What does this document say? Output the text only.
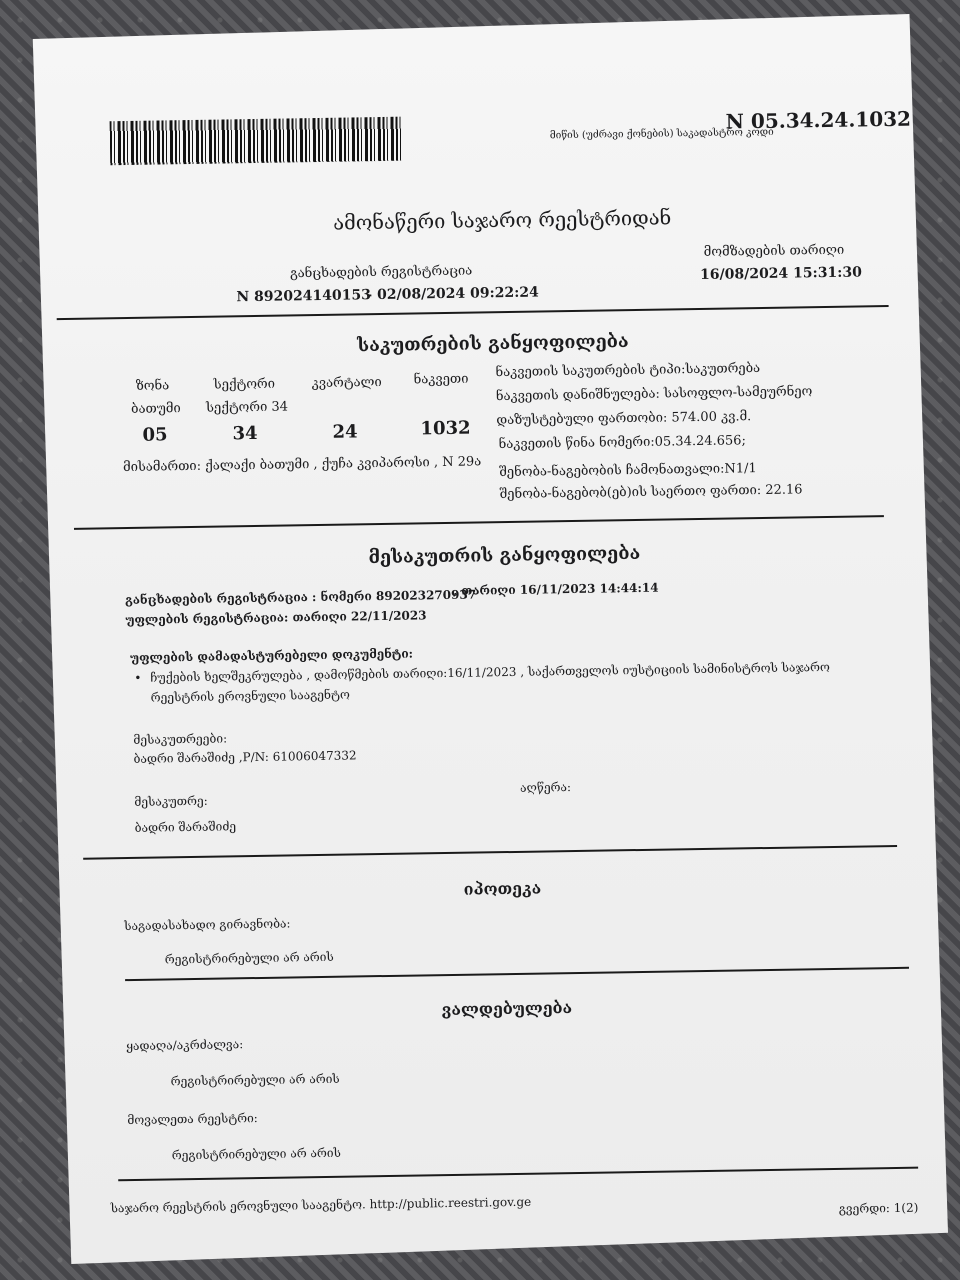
მიწის (უძრავი ქონების) საკადასტრო კოდი
N 05.34.24.1032
ამონაწერი საჯარო რეესტრიდან
განცხადების რეგისტრაცია
N 892024140153
- 02/08/2024 09:22:24
მომზადების თარიღი
16/08/2024 15:31:30
საკუთრების განყოფილება
ზონა
ბათუმი
05
სექტორი
სექტორი 34
34
კვარტალი
24
ნაკვეთი
1032
მისამართი: ქალაქი ბათუმი , ქუჩა კვიპაროსი , N 29ა
ნაკვეთის საკუთრების ტიპი:საკუთრება
ნაკვეთის დანიშნულება: სასოფლო-სამეურნეო
დაზუსტებული ფართობი: 574.00 კვ.მ.
ნაკვეთის წინა ნომერი:05.34.24.656;
შენობა-ნაგებობის ჩამონათვალი:N1/1
შენობა-ნაგებობ(ებ)ის საერთო ფართი: 22.16
მესაკუთრის განყოფილება
განცხადების რეგისტრაცია : ნომერი 892023270937
, თარიღი 16/11/2023 14:44:14
უფლების რეგისტრაცია: თარიღი 22/11/2023
უფლების დამადასტურებელი დოკუმენტი:
• ჩუქების ხელშეკრულება , დამოწმების თარიღი:16/11/2023 , საქართველოს იუსტიციის სამინისტროს საჯარო
რეესტრის ეროვნული სააგენტო
მესაკუთრეები:
ბადრი შარაშიძე ,P/N: 61006047332
მესაკუთრე:
ბადრი შარაშიძე
აღწერა:
იპოთეკა
საგადასახადო გირავნობა:
რეგისტრირებული არ არის
ვალდებულება
ყადაღა/აკრძალვა:
რეგისტრირებული არ არის
მოვალეთა რეესტრი:
რეგისტრირებული არ არის
საჯარო რეესტრის ეროვნული სააგენტო. http://public.reestri.gov.ge	გვერდი: 1(2)
